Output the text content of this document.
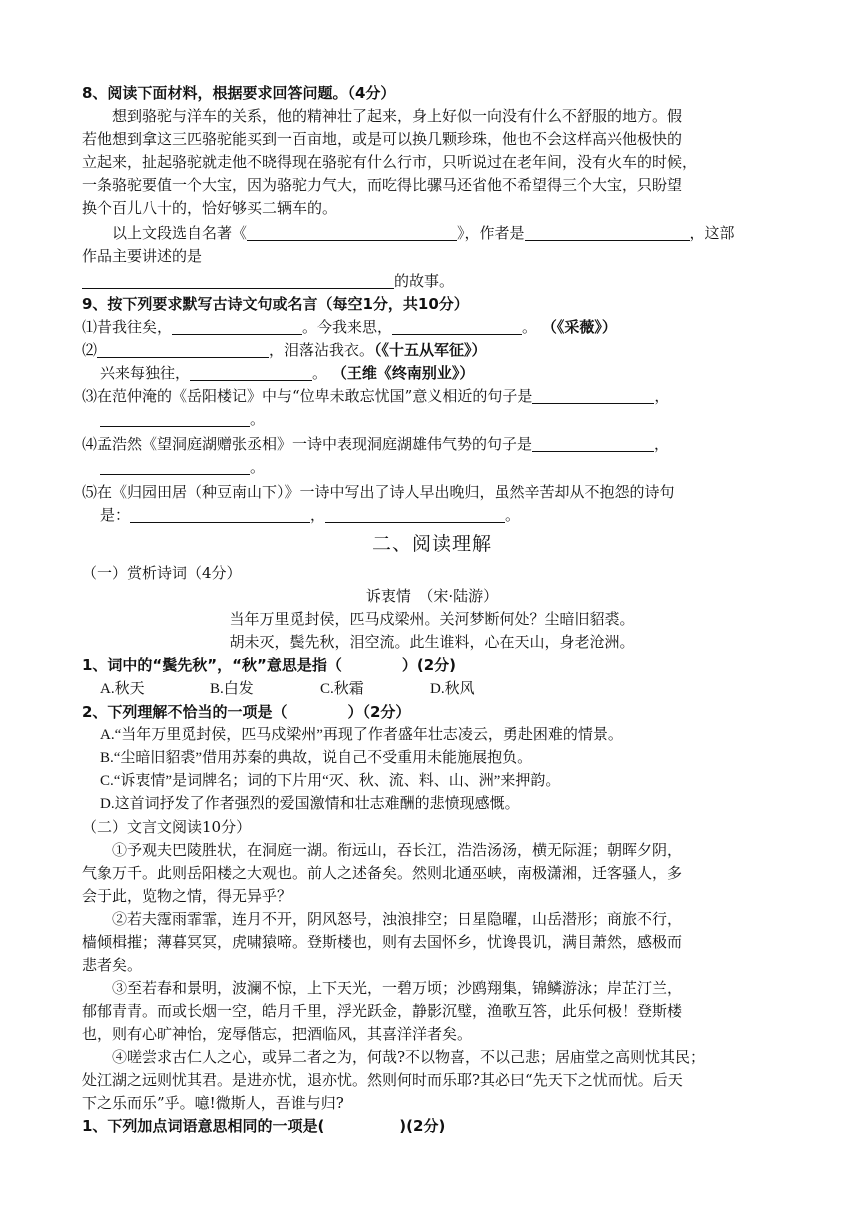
8、阅读下面材料，根据要求回答问题。（4分）

想到骆驼与洋车的关系，他的精神壮了起来，身上好似一向没有什么不舒服的地方。假

若他想到拿这三匹骆驼能买到一百亩地，或是可以换几颗珍珠，他也不会这样高兴他极快的

立起来，扯起骆驼就走他不晓得现在骆驼有什么行市，只听说过在老年间，没有火车的时候，

一条骆驼要值一个大宝，因为骆驼力气大，而吃得比骡马还省他不希望得三个大宝，只盼望

换个百儿八十的，恰好够买二辆车的。

以上文段选自名著《	》，作者是	，这部

作品主要讲述的是

的故事。

9、按下列要求默写古诗文句或名言（每空1分，共10分）

⑴昔我往矣，	。今我来思，	。 （《采薇》）

⑵	，泪落沾我衣。（《十五从军征》）

兴来每独往，	。 （王维《终南别业》）

⑶在范仲淹的《岳阳楼记》中与“位卑未敢忘忧国”意义相近的句子是	，

。

⑷孟浩然《望洞庭湖赠张丞相》一诗中表现洞庭湖雄伟气势的句子是	，

。

⑸在《归园田居（种豆南山下）》一诗中写出了诗人早出晚归，虽然辛苦却从不抱怨的诗句

是：	，	。

二、阅读理解

（一）赏析诗词（4分）

诉衷情　（宋·陆游）

当年万里觅封侯，匹马戍梁州。关河梦断何处？尘暗旧貂裘。

胡未灭，鬓先秋，泪空流。此生谁料，心在天山，身老沧洲。

1、词中的“鬓先秋”，“秋”意思是指（　　　　）(2分)

A.秋天	B.白发	C.秋霜	D.秋风

2、下列理解不恰当的一项是（　　　　）（2分）

A.“当年万里觅封侯，匹马戍梁州”再现了作者盛年壮志凌云，勇赴困难的情景。

B.“尘暗旧貂裘”借用苏秦的典故，说自己不受重用未能施展抱负。

C.“诉衷情”是词牌名；词的下片用“灭、秋、流、料、山、洲”来押韵。

D.这首词抒发了作者强烈的爱国激情和壮志难酬的悲愤现感慨。

（二）文言文阅读10分）

①予观夫巴陵胜状，在洞庭一湖。衔远山，吞长江，浩浩汤汤，横无际涯；朝晖夕阴，

气象万千。此则岳阳楼之大观也。前人之述备矣。然则北通巫峡，南极潇湘，迁客骚人，多

会于此，览物之情，得无异乎？

②若夫霪雨霏霏，连月不开，阴风怒号，浊浪排空；日星隐曜，山岳潜形；商旅不行，

樯倾楫摧；薄暮冥冥，虎啸猿啼。登斯楼也，则有去国怀乡，忧谗畏讥，满目萧然，感极而

悲者矣。

③至若春和景明，波澜不惊，上下天光，一碧万顷；沙鸥翔集，锦鳞游泳；岸芷汀兰，

郁郁青青。而或长烟一空，皓月千里，浮光跃金，静影沉璧，渔歌互答，此乐何极！登斯楼

也，则有心旷神怡，宠辱偕忘，把酒临风，其喜洋洋者矣。

④嗟尝求古仁人之心，或异二者之为，何哉?不以物喜，不以己悲；居庙堂之高则忧其民；

处江湖之远则忧其君。是进亦忧，退亦忧。然则何时而乐耶?其必曰“先天下之忧而忧。后天

下之乐而乐”乎。噫!微斯人，吾谁与归?

1、下列加点词语意思相同的一项是(　　　　　)(2分)
